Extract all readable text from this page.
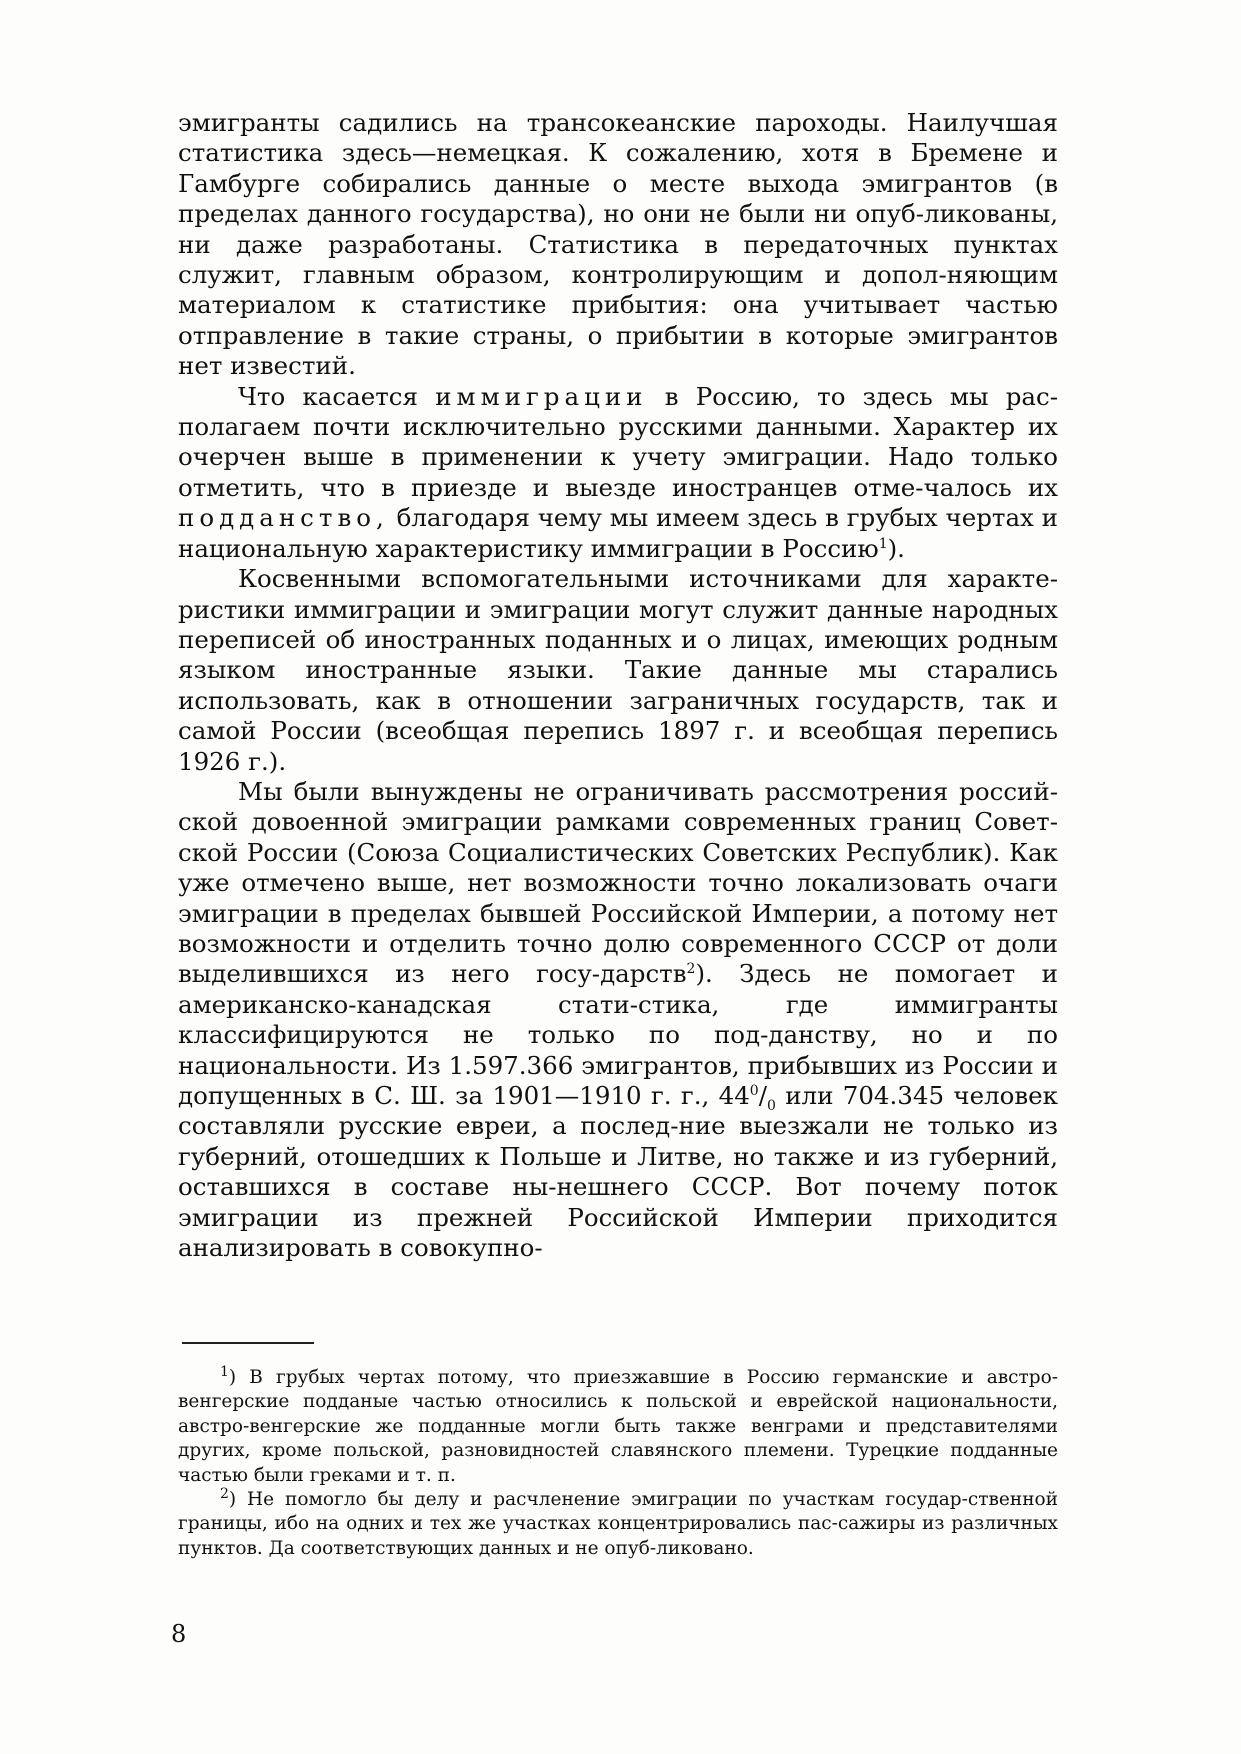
эмигранты садились на трансокеанские пароходы. Наилучшая статистика здесь—немецкая. К сожалению, хотя в Бремене и Гамбурге собирались данные о месте выхода эмигрантов (в пределах данного государства), но они не были ни опуб-ликованы, ни даже разработаны. Статистика в передаточных пунктах служит, главным образом, контролирующим и допол-няющим материалом к статистике прибытия: она учитывает частью отправление в такие страны, о прибытии в которые эмигрантов нет известий.

Что касается иммиграции в Россию, то здесь мы рас-полагаем почти исключительно русскими данными. Характер их очерчен выше в применении к учету эмиграции. Надо только отметить, что в приезде и выезде иностранцев отме-чалось их подданство, благодаря чему мы имеем здесь в грубых чертах и национальную характеристику иммиграции в Россию$^1$).

Косвенными вспомогательными источниками для характе-ристики иммиграции и эмиграции могут служит данные народных переписей об иностранных поданных и о лицах, имеющих родным языком иностранные языки. Такие данные мы старались использовать, как в отношении заграничных государств, так и самой России (всеобщая перепись 1897 г. и всеобщая перепись 1926 г.).

Мы были вынуждены не ограничивать рассмотрения россий-ской довоенной эмиграции рамками современных границ Совет-ской России (Союза Социалистических Советских Республик). Как уже отмечено выше, нет возможности точно локализовать очаги эмиграции в пределах бывшей Российской Империи, а потому нет возможности и отделить точно долю современного СССР от доли выделившихся из него госу-дарств$^2$). Здесь не помогает и американско-канадская стати-стика, где иммигранты классифицируются не только по под-данству, но и по национальности. Из 1.597.366 эмигрантов, прибывших из России и допущенных в С. Ш. за 1901—1910 г. г., $44^0/_0$ или 704.345 человек составляли русские евреи, а послед-ние выезжали не только из губерний, отошедших к Польше и Литве, но также и из губерний, оставшихся в составе ны-нешнего СССР. Вот почему поток эмиграции из прежней Российской Империи приходится анализировать в совокупно-

$^1$) В грубых чертах потому, что приезжавшие в Россию германские и австро-венгерские подданые частью относились к польской и еврейской национальности, австро-венгерские же подданные могли быть также венграми и представителями других, кроме польской, разновидностей славянского племени. Турецкие подданные частью были греками и т. п.

$^2$) Не помогло бы делу и расчленение эмиграции по участкам государ-ственной границы, ибо на одних и тех же участках концентрировались пас-сажиры из различных пунктов. Да соответствующих данных и не опуб-ликовано.

8
